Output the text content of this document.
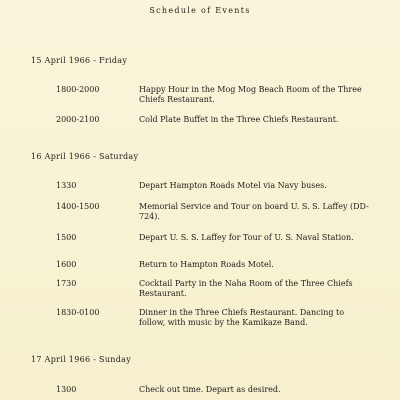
Schedule of Events
15 April 1966 - Friday
1800-2000	Happy Hour in the Mog Mog Beach Room of the Three Chiefs Restaurant.
2000-2100	Cold Plate Buffet in the Three Chiefs Restaurant.
16 April 1966 - Saturday
1330	Depart Hampton Roads Motel via Navy buses.
1400-1500	Memorial Service and Tour on board U. S. S. Laffey (DD-724).
1500	Depart U. S. S. Laffey for Tour of U. S. Naval Station.
1600	Return to Hampton Roads Motel.
1730	Cocktail Party in the Naha Room of the Three Chiefs Restaurant.
1830-0100	Dinner in the Three Chiefs Restaurant. Dancing to follow, with music by the Kamikaze Band.
17 April 1966 - Sunday
1300	Check out time. Depart as desired.
